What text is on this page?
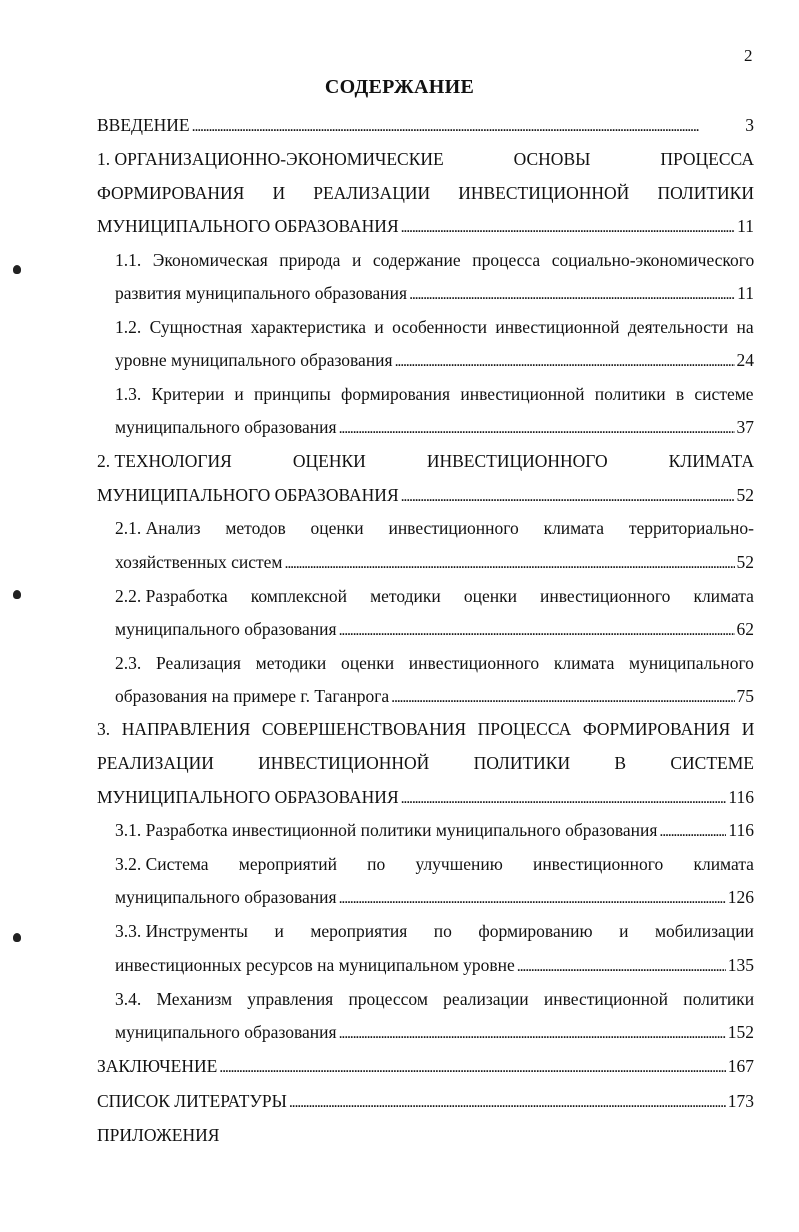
2
СОДЕРЖАНИЕ
ВВЕДЕНИЕ . . .	3
1. ОРГАНИЗАЦИОННО-ЭКОНОМИЧЕСКИЕ	ОСНОВЫ	ПРОЦЕССА
ФОРМИРОВАНИЯ И РЕАЛИЗАЦИИ ИНВЕСТИЦИОННОЙ ПОЛИТИКИ
МУНИЦИПАЛЬНОГО ОБРАЗОВАНИЯ . . .	11
1.1. Экономическая природа и содержание процесса социально-экономического
развития муниципального образования . . .	11
1.2. Сущностная характеристика и особенности инвестиционной деятельности на
уровне муниципального образования . . .	24
1.3. Критерии и принципы формирования инвестиционной политики в системе
муниципального образования . . .	37
2. ТЕХНОЛОГИЯ	ОЦЕНКИ	ИНВЕСТИЦИОННОГО	КЛИМАТА
МУНИЦИПАЛЬНОГО ОБРАЗОВАНИЯ . . .	52
2.1. Анализ методов оценки инвестиционного климата территориально-
хозяйственных систем . . .	52
2.2. Разработка комплексной методики оценки инвестиционного климата
муниципального образования . . .	62
2.3. Реализация методики оценки инвестиционного климата муниципального
образования на примере г. Таганрога . . .	75
3. НАПРАВЛЕНИЯ СОВЕРШЕНСТВОВАНИЯ ПРОЦЕССА ФОРМИРОВАНИЯ И
РЕАЛИЗАЦИИ	ИНВЕСТИЦИОННОЙ	ПОЛИТИКИ	В	СИСТЕМЕ
МУНИЦИПАЛЬНОГО ОБРАЗОВАНИЯ . . .	116
3.1. Разработка инвестиционной политики муниципального образования . . .	116
3.2. Система мероприятий по улучшению инвестиционного климата
муниципального образования . . .	126
3.3. Инструменты и мероприятия по формированию и мобилизации
инвестиционных ресурсов на муниципальном уровне . . .	135
3.4. Механизм управления процессом реализации инвестиционной политики
муниципального образования . . .	152
ЗАКЛЮЧЕНИЕ . . .	167
СПИСОК ЛИТЕРАТУРЫ . . .	173
ПРИЛОЖЕНИЯ
